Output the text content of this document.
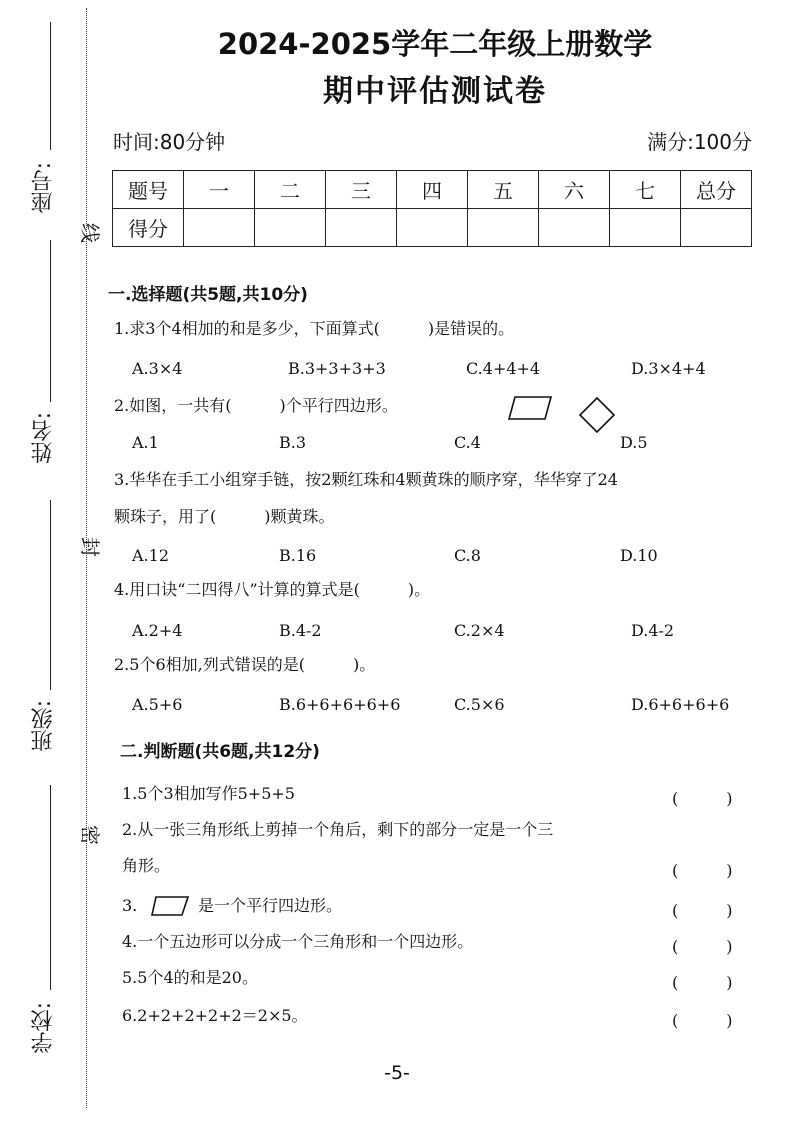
座号:
姓名:
班级:
学校:
线
封
密
2024-2025学年二年级上册数学
期中评估测试卷
时间:80分钟	满分:100分
题号	一	二	三	四	五	六	七	总分
得分								
一.选择题(共5题,共10分)
1.求3个4相加的和是多少，下面算式(　　　)是错误的。
A.3×4	B.3+3+3+3	C.4+4+4	D.3×4+4
2.如图，一共有(　　　)个平行四边形。
A.1	B.3	C.4	D.5
3.华华在手工小组穿手链，按2颗红珠和4颗黄珠的顺序穿，华华穿了24
颗珠子，用了(　　　)颗黄珠。
A.12	B.16	C.8	D.10
4.用口诀“二四得八”计算的算式是(　　　)。
A.2+4	B.4-2	C.2×4	D.4-2
2.5个6相加,列式错误的是(　　　)。
A.5+6	B.6+6+6+6+6	C.5×6	D.6+6+6+6
二.判断题(共6题,共12分)
1.5个3相加写作5+5+5	(　　　)
2.从一张三角形纸上剪掉一个角后，剩下的部分一定是一个三
角形。	(　　　)
3.	是一个平行四边形。	(　　　)
4.一个五边形可以分成一个三角形和一个四边形。	(　　　)
5.5个4的和是20。	(　　　)
6.2+2+2+2+2＝2×5。	(　　　)
-5-
